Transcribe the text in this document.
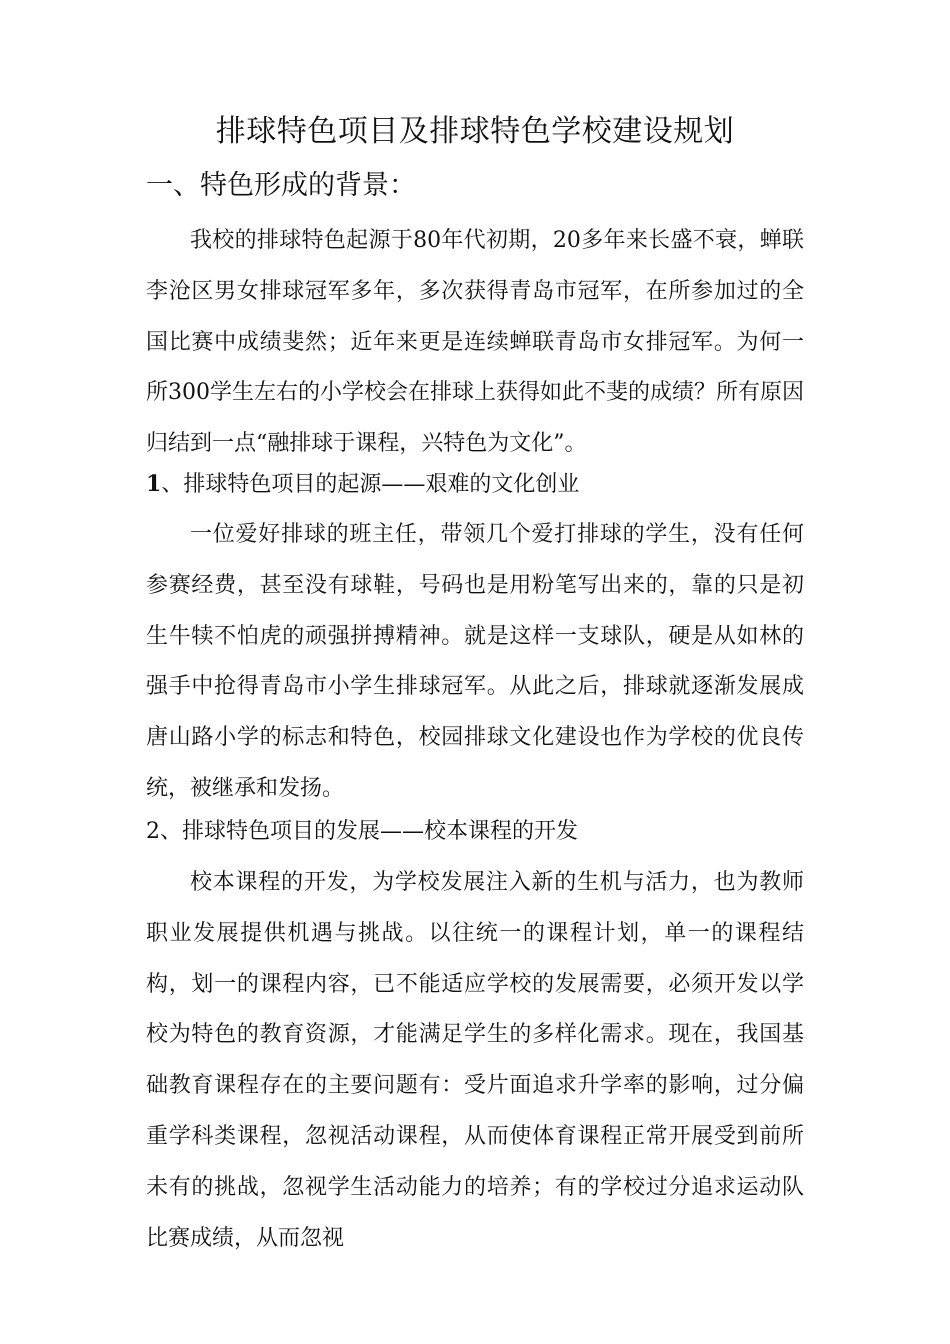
排球特色项目及排球特色学校建设规划
一、特色形成的背景：

我校的排球特色起源于80年代初期，20多年来长盛不衰，蝉联李沧区男女排球冠军多年，多次获得青岛市冠军，在所参加过的全国比赛中成绩斐然；近年来更是连续蝉联青岛市女排冠军。为何一所300学生左右的小学校会在排球上获得如此不斐的成绩？所有原因归结到一点“融排球于课程，兴特色为文化”。

1、排球特色项目的起源——艰难的文化创业

一位爱好排球的班主任，带领几个爱打排球的学生，没有任何参赛经费，甚至没有球鞋，号码也是用粉笔写出来的，靠的只是初生牛犊不怕虎的顽强拼搏精神。就是这样一支球队，硬是从如林的强手中抢得青岛市小学生排球冠军。从此之后，排球就逐渐发展成唐山路小学的标志和特色，校园排球文化建设也作为学校的优良传统，被继承和发扬。

2、排球特色项目的发展——校本课程的开发

校本课程的开发，为学校发展注入新的生机与活力，也为教师职业发展提供机遇与挑战。以往统一的课程计划，单一的课程结构，划一的课程内容，已不能适应学校的发展需要，必须开发以学校为特色的教育资源，才能满足学生的多样化需求。现在，我国基础教育课程存在的主要问题有：受片面追求升学率的影响，过分偏重学科类课程，忽视活动课程，从而使体育课程正常开展受到前所未有的挑战，忽视学生活动能力的培养；有的学校过分追求运动队比赛成绩，从而忽视
